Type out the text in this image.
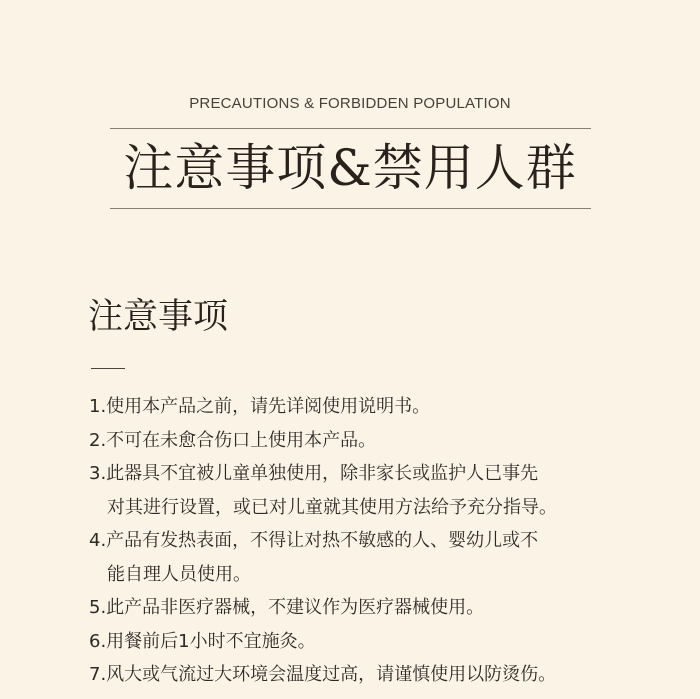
PRECAUTIONS & FORBIDDEN POPULATION
注意事项&禁用人群
注意事项
1.使用本产品之前，请先详阅使用说明书。
2.不可在未愈合伤口上使用本产品。
3.此器具不宜被儿童单独使用，除非家长或监护人已事先
对其进行设置，或已对儿童就其使用方法给予充分指导。
4.产品有发热表面，不得让对热不敏感的人、婴幼儿或不
能自理人员使用。
5.此产品非医疗器械，不建议作为医疗器械使用。
6.用餐前后1小时不宜施灸。
7.风大或气流过大环境会温度过高，请谨慎使用以防烫伤。
